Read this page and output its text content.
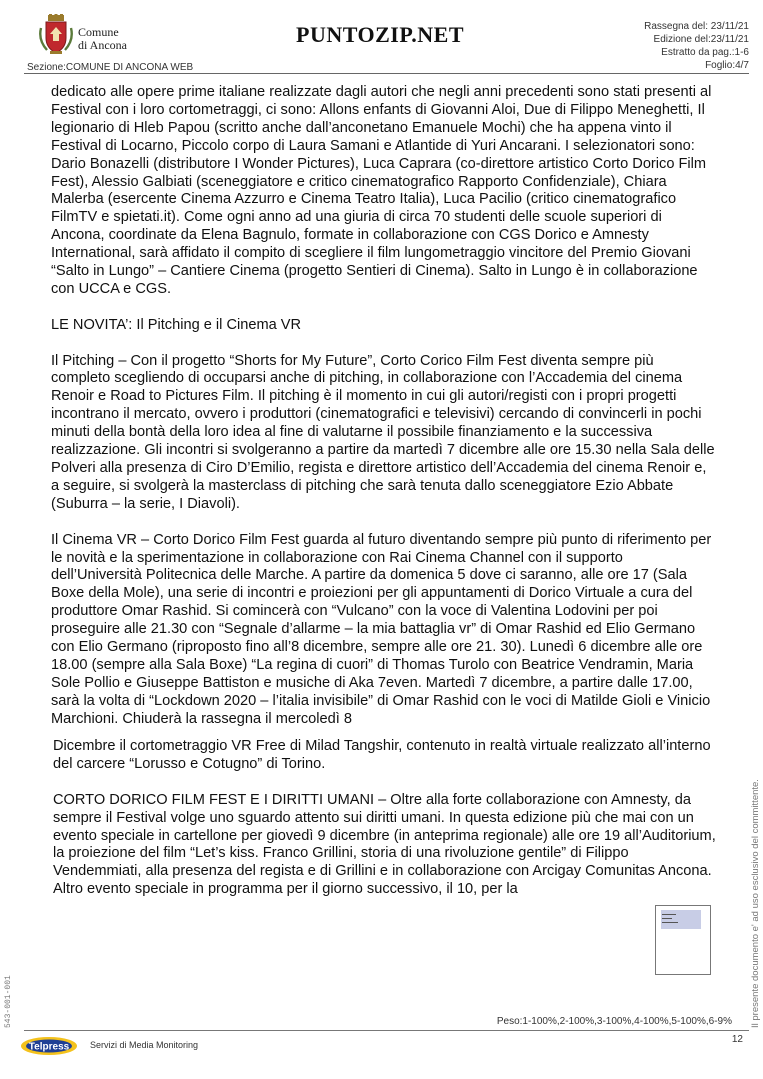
Comune
di Ancona	PUNTOZIP.NET	Rassegna del: 23/11/21
Edizione del:23/11/21
Estratto da pag.:1-6
Foglio:4/7
Sezione:COMUNE DI ANCONA WEB

dedicato alle opere prime italiane realizzate dagli autori che negli anni precedenti sono stati presenti al Festival con i loro cortometraggi, ci sono: Allons enfants di Giovanni Aloi, Due di Filippo Meneghetti, Il legionario di Hleb Papou (scritto anche dall’anconetano Emanuele Mochi) che ha appena vinto il Festival di Locarno, Piccolo corpo di Laura Samani e Atlantide di Yuri Ancarani. I selezionatori sono: Dario Bonazelli (distributore I Wonder Pictures), Luca Caprara (co-direttore artistico Corto Dorico Film Fest), Alessio Galbiati (sceneggiatore e critico cinematografico Rapporto Confidenziale), Chiara Malerba (esercente Cinema Azzurro e Cinema Teatro Italia), Luca Pacilio (critico cinematografico FilmTV e spietati.it). Come ogni anno ad una giuria di circa 70 studenti delle scuole superiori di Ancona, coordinate da Elena Bagnulo, formate in collaborazione con CGS Dorico e Amnesty International, sarà affidato il compito di scegliere il film lungometraggio vincitore del Premio Giovani “Salto in Lungo” – Cantiere Cinema (progetto Sentieri di Cinema). Salto in Lungo è in collaborazione con UCCA e CGS.

LE NOVITA’: Il Pitching e il Cinema VR

Il Pitching – Con il progetto “Shorts for My Future”, Corto Corico Film Fest diventa sempre più completo scegliendo di occuparsi anche di pitching, in collaborazione con l’Accademia del cinema Renoir e Road to Pictures Film. Il pitching è il momento in cui gli autori/registi con i propri progetti incontrano il mercato, ovvero i produttori (cinematografici e televisivi) cercando di convincerli in pochi minuti della bontà della loro idea al fine di valutarne il possibile finanziamento e la successiva realizzazione. Gli incontri si svolgeranno a partire da martedì 7 dicembre alle ore 15.30 nella Sala delle Polveri alla presenza di Ciro D’Emilio, regista e direttore artistico dell’Accademia del cinema Renoir e, a seguire, si svolgerà la masterclass di pitching che sarà tenuta dallo sceneggiatore Ezio Abbate (Suburra – la serie, I Diavoli).

Il Cinema VR – Corto Dorico Film Fest guarda al futuro diventando sempre più punto di riferimento per le novità e la sperimentazione in collaborazione con Rai Cinema Channel con il supporto dell’Università Politecnica delle Marche. A partire da domenica 5 dove ci saranno, alle ore 17 (Sala Boxe della Mole), una serie di incontri e proiezioni per gli appuntamenti di Dorico Virtuale a cura del produttore Omar Rashid. Si comincerà con “Vulcano” con la voce di Valentina Lodovini per poi proseguire alle 21.30 con “Segnale d’allarme – la mia battaglia vr” di Omar Rashid ed Elio Germano con Elio Germano (riproposto fino all’8 dicembre, sempre alle ore 21. 30). Lunedì 6 dicembre alle ore 18.00 (sempre alla Sala Boxe) “La regina di cuori” di Thomas Turolo con Beatrice Vendramin, Maria Sole Pollio e Giuseppe Battiston e musiche di Aka 7even. Martedì 7 dicembre, a partire dalle 17.00, sarà la volta di “Lockdown 2020 – l’italia invisibile” di Omar Rashid con le voci di Matilde Gioli e Vinicio Marchioni. Chiuderà la rassegna il mercoledì 8

Dicembre il cortometraggio VR Free di Milad Tangshir, contenuto in realtà virtuale realizzato all’interno del carcere “Lorusso e Cotugno” di Torino.

CORTO DORICO FILM FEST E I DIRITTI UMANI – Oltre alla forte collaborazione con Amnesty, da sempre il Festival volge uno sguardo attento sui diritti umani. In questa edizione più che mai con un evento speciale in cartellone per giovedì 9 dicembre (in anteprima regionale) alle ore 19 all’Auditorium, la proiezione del film “Let’s kiss. Franco Grillini, storia di una rivoluzione gentile” di Filippo Vendemmiati, alla presenza del regista e di Grillini e in collaborazione con Arcigay Comunitas Ancona. Altro evento speciale in programma per il giorno successivo, il 10, per la

Peso:1-100%,2-100%,3-100%,4-100%,5-100%,6-9% Il presente documento e' ad uso esclusivo del committente.
543-001-001
Telpress Servizi di Media Monitoring	12
